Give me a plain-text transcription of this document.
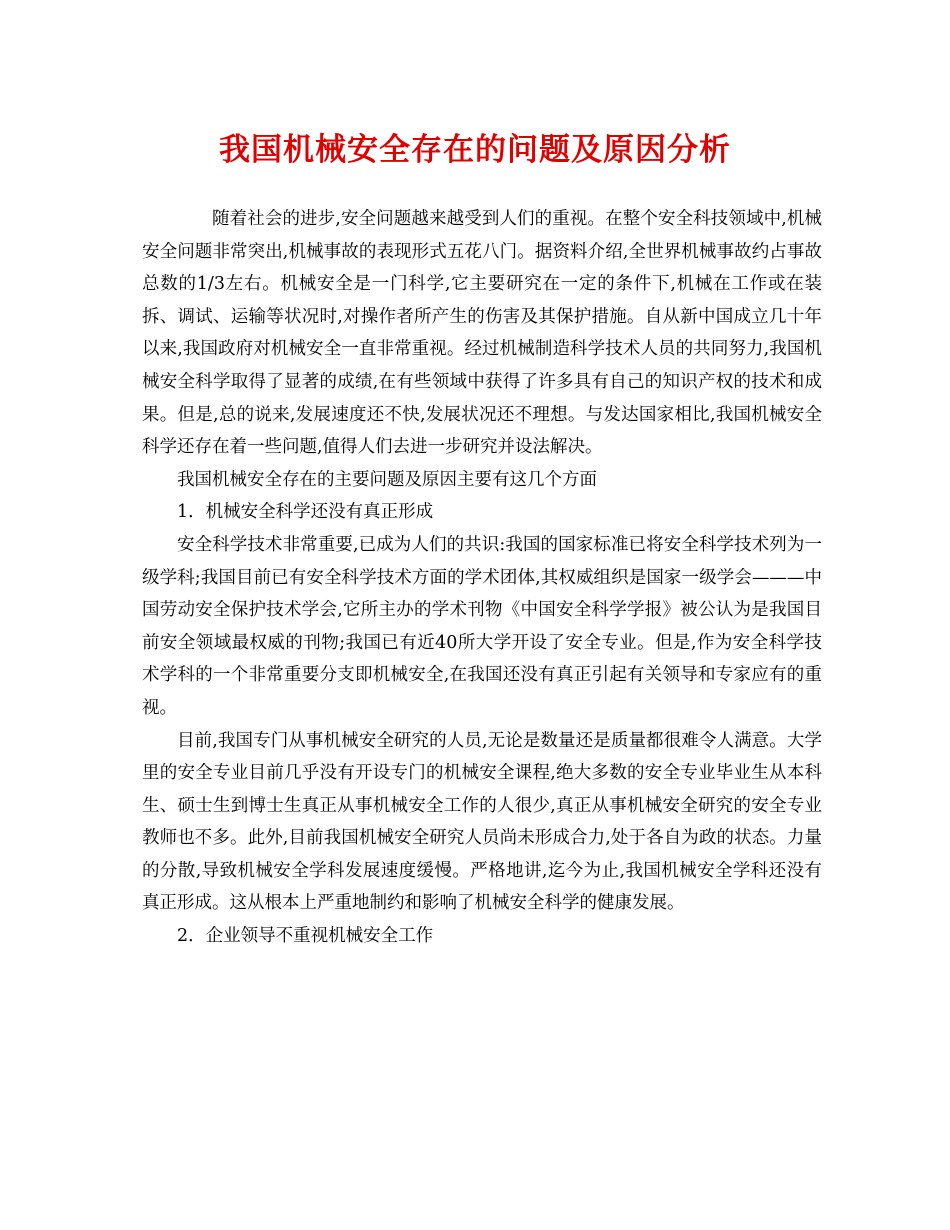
我国机械安全存在的问题及原因分析

随着社会的进步,安全问题越来越受到人们的重视。在整个安全科技领域中,机械安全问题非常突出,机械事故的表现形式五花八门。据资料介绍,全世界机械事故约占事故总数的1/3左右。机械安全是一门科学,它主要研究在一定的条件下,机械在工作或在装拆、调试、运输等状况时,对操作者所产生的伤害及其保护措施。自从新中国成立几十年以来,我国政府对机械安全一直非常重视。经过机械制造科学技术人员的共同努力,我国机械安全科学取得了显著的成绩,在有些领域中获得了许多具有自己的知识产权的技术和成果。但是,总的说来,发展速度还不快,发展状况还不理想。与发达国家相比,我国机械安全科学还存在着一些问题,值得人们去进一步研究并设法解决。

我国机械安全存在的主要问题及原因主要有这几个方面

1．机械安全科学还没有真正形成

安全科学技术非常重要,已成为人们的共识:我国的国家标准已将安全科学技术列为一级学科;我国目前已有安全科学技术方面的学术团体,其权威组织是国家一级学会———中国劳动安全保护技术学会,它所主办的学术刊物《中国安全科学学报》被公认为是我国目前安全领域最权威的刊物;我国已有近40所大学开设了安全专业。但是,作为安全科学技术学科的一个非常重要分支即机械安全,在我国还没有真正引起有关领导和专家应有的重视。

目前,我国专门从事机械安全研究的人员,无论是数量还是质量都很难令人满意。大学里的安全专业目前几乎没有开设专门的机械安全课程,绝大多数的安全专业毕业生从本科生、硕士生到博士生真正从事机械安全工作的人很少,真正从事机械安全研究的安全专业教师也不多。此外,目前我国机械安全研究人员尚未形成合力,处于各自为政的状态。力量的分散,导致机械安全学科发展速度缓慢。严格地讲,迄今为止,我国机械安全学科还没有真正形成。这从根本上严重地制约和影响了机械安全科学的健康发展。

2．企业领导不重视机械安全工作
